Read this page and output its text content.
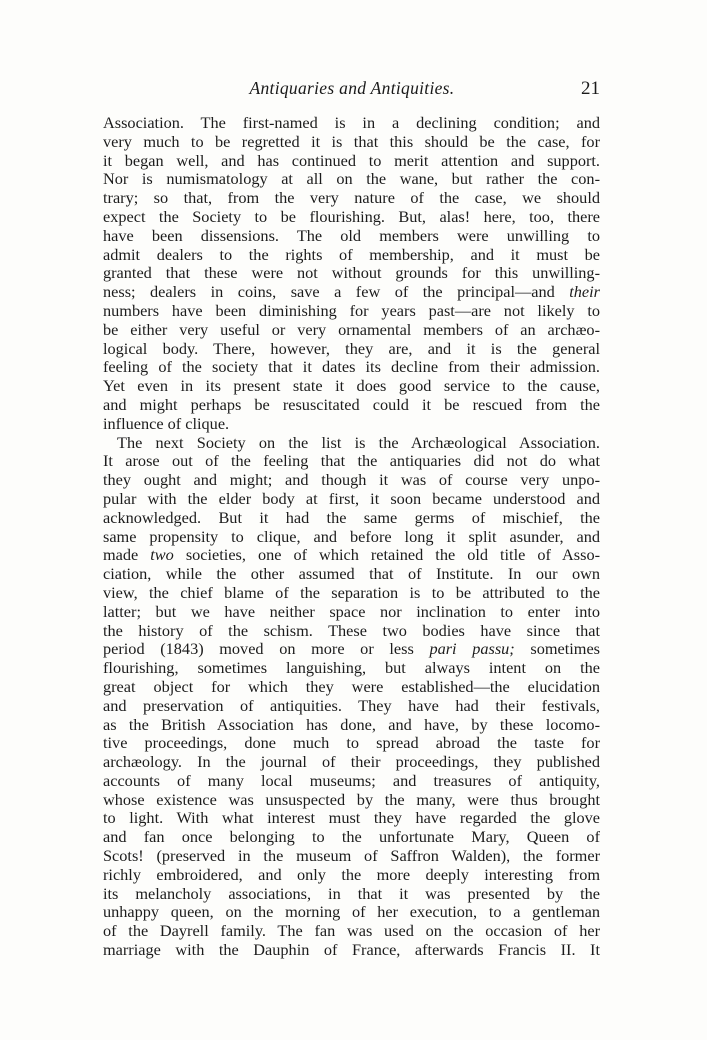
Antiquaries and Antiquities.	21
Association. The first-named is in a declining condition; and
very much to be regretted it is that this should be the case, for
it began well, and has continued to merit attention and support.
Nor is numismatology at all on the wane, but rather the con-
trary; so that, from the very nature of the case, we should
expect the Society to be flourishing. But, alas! here, too, there
have been dissensions. The old members were unwilling to
admit dealers to the rights of membership, and it must be
granted that these were not without grounds for this unwilling-
ness; dealers in coins, save a few of the principal—and their
numbers have been diminishing for years past—are not likely to
be either very useful or very ornamental members of an archæo-
logical body. There, however, they are, and it is the general
feeling of the society that it dates its decline from their admission.
Yet even in its present state it does good service to the cause,
and might perhaps be resuscitated could it be rescued from the
influence of clique.
The next Society on the list is the Archæological Association.
It arose out of the feeling that the antiquaries did not do what
they ought and might; and though it was of course very unpo-
pular with the elder body at first, it soon became understood and
acknowledged. But it had the same germs of mischief, the
same propensity to clique, and before long it split asunder, and
made two societies, one of which retained the old title of Asso-
ciation, while the other assumed that of Institute. In our own
view, the chief blame of the separation is to be attributed to the
latter; but we have neither space nor inclination to enter into
the history of the schism. These two bodies have since that
period (1843) moved on more or less pari passu; sometimes
flourishing, sometimes languishing, but always intent on the
great object for which they were established—the elucidation
and preservation of antiquities. They have had their festivals,
as the British Association has done, and have, by these locomo-
tive proceedings, done much to spread abroad the taste for
archæology. In the journal of their proceedings, they published
accounts of many local museums; and treasures of antiquity,
whose existence was unsuspected by the many, were thus brought
to light. With what interest must they have regarded the glove
and fan once belonging to the unfortunate Mary, Queen of
Scots! (preserved in the museum of Saffron Walden), the former
richly embroidered, and only the more deeply interesting from
its melancholy associations, in that it was presented by the
unhappy queen, on the morning of her execution, to a gentleman
of the Dayrell family. The fan was used on the occasion of her
marriage with the Dauphin of France, afterwards Francis II. It
